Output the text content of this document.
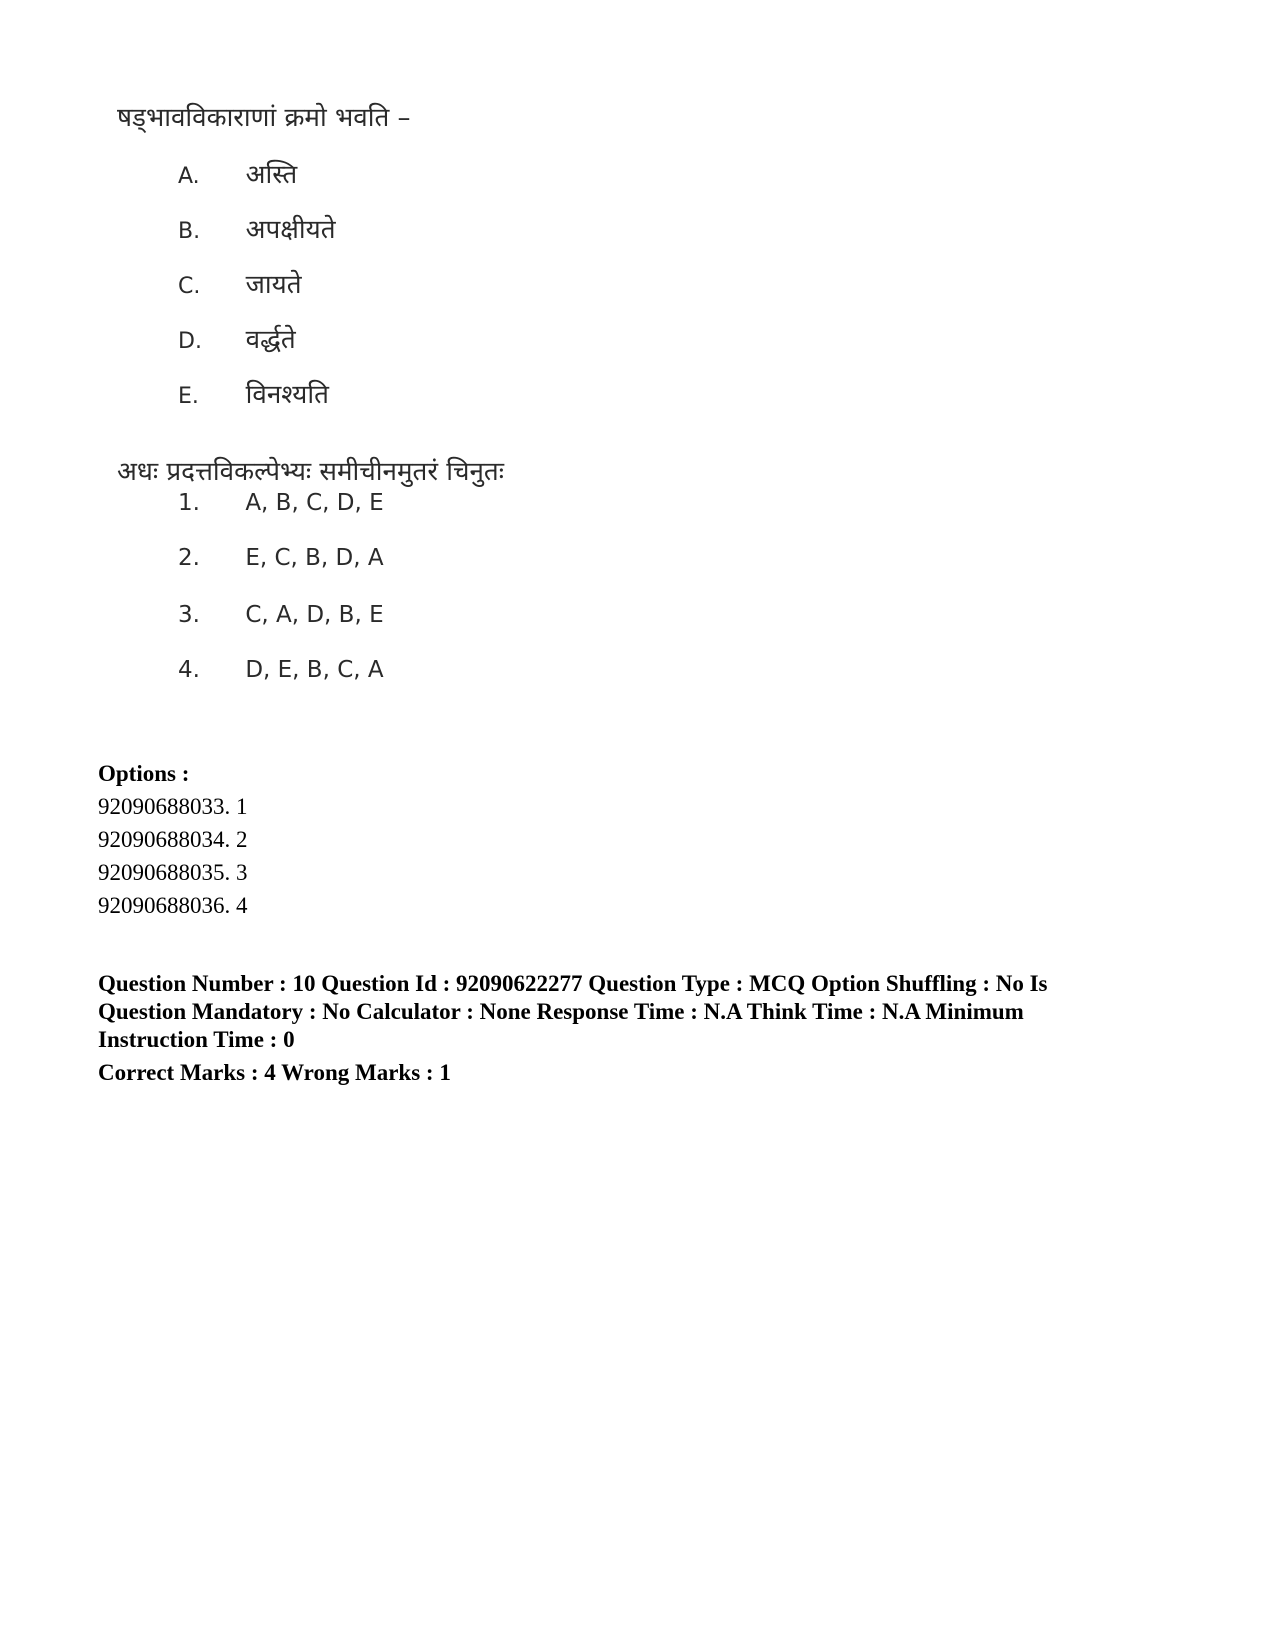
षड्भावविकाराणां क्रमो भवति –
A. अस्ति
B. अपक्षीयते
C. जायते
D. वर्द्धते
E. विनश्यति
अधः प्रदत्तविकल्पेभ्यः समीचीनमुतरं चिनुतः
1. A, B, C, D, E
2. E, C, B, D, A
3. C, A, D, B, E
4. D, E, B, C, A
Options :
92090688033. 1
92090688034. 2
92090688035. 3
92090688036. 4
Question Number : 10 Question Id : 92090622277 Question Type : MCQ Option Shuffling : No Is Question Mandatory : No Calculator : None Response Time : N.A Think Time : N.A Minimum Instruction Time : 0
Correct Marks : 4 Wrong Marks : 1
